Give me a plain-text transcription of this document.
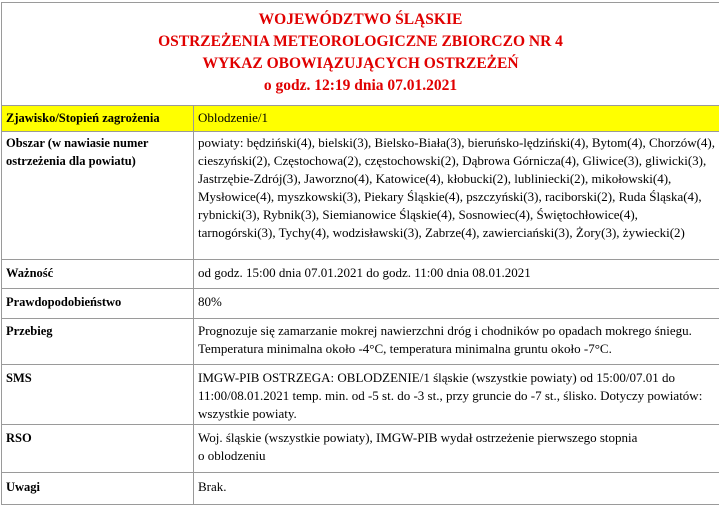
WOJEWÓDZTWO ŚLĄSKIE
OSTRZEŻENIA METEOROLOGICZNE ZBIORCZO NR 4
WYKAZ OBOWIĄZUJĄCYCH OSTRZEŻEŃ
o godz. 12:19 dnia 07.01.2021	

Zjawisko/Stopień zagrożenia	Oblodzenie/1
Obszar (w nawiasie numer ostrzeżenia dla powiatu)	powiaty: będziński(4), bielski(3), Bielsko-Biała(3), bieruńsko-lędziński(4), Bytom(4), Chorzów(4), cieszyński(2), Częstochowa(2), częstochowski(2), Dąbrowa Górnicza(4), Gliwice(3), gliwicki(3), Jastrzębie-Zdrój(3), Jaworzno(4), Katowice(4), kłobucki(2), lubliniecki(2), mikołowski(4), Mysłowice(4), myszkowski(3), Piekary Śląskie(4), pszczyński(3), raciborski(2), Ruda Śląska(4), rybnicki(3), Rybnik(3), Siemianowice Śląskie(4), Sosnowiec(4), Świętochłowice(4), tarnogórski(3), Tychy(4), wodzisławski(3), Zabrze(4), zawierciański(3), Żory(3), żywiecki(2)
Ważność	od godz. 15:00 dnia 07.01.2021 do godz. 11:00 dnia 08.01.2021
Prawdopodobieństwo	80%
Przebieg	Prognozuje się zamarzanie mokrej nawierzchni dróg i chodników po opadach mokrego śniegu. Temperatura minimalna około -4°C, temperatura minimalna gruntu około -7°C.
SMS	IMGW-PIB OSTRZEGA: OBLODZENIE/1 śląskie (wszystkie powiaty) od 15:00/07.01 do 11:00/08.01.2021 temp. min. od -5 st. do -3 st., przy gruncie do -7 st., ślisko. Dotyczy powiatów: wszystkie powiaty.
RSO	Woj. śląskie (wszystkie powiaty), IMGW-PIB wydał ostrzeżenie pierwszego stopnia
o oblodzeniu

Uwagi	Brak.
